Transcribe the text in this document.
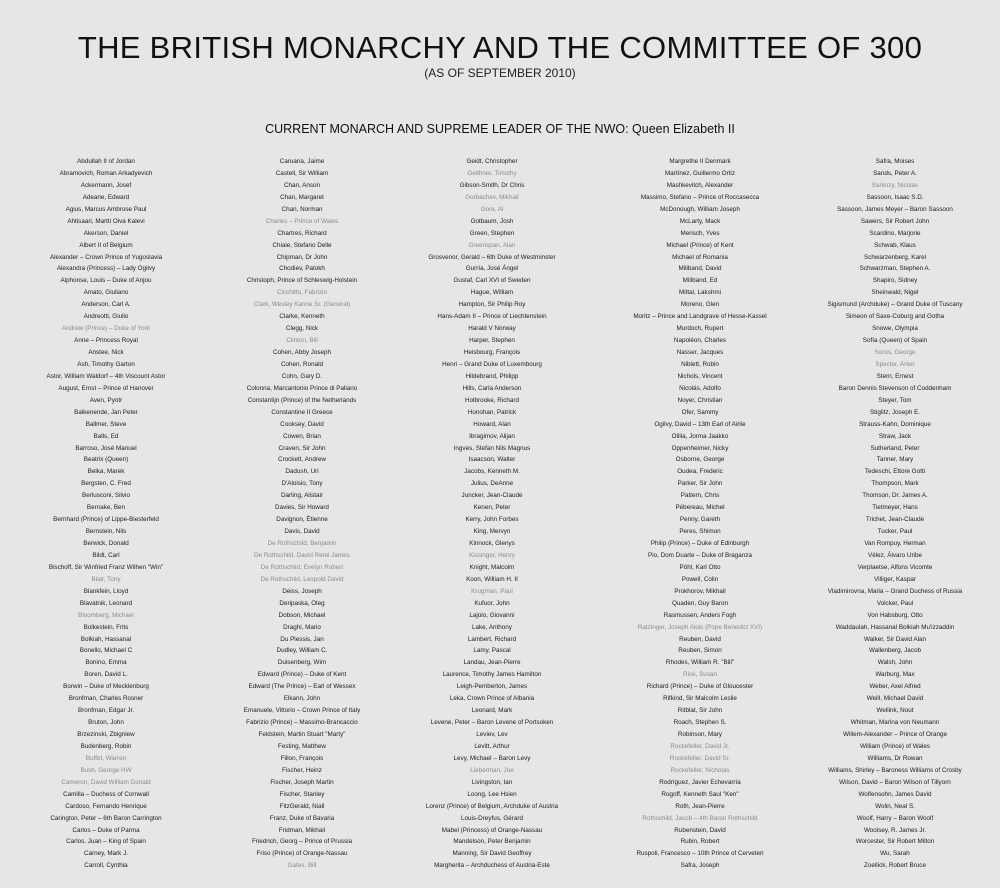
THE BRITISH MONARCHY AND THE COMMITTEE OF 300
(AS OF SEPTEMBER 2010)
CURRENT MONARCH AND SUPREME LEADER OF THE NWO: Queen Elizabeth II
Abdullah II of Jordan
Abramovich, Roman Arkadyevich
Ackermann, Josef
Adeane, Edward
Agius, Marcus Ambrose Paul
Ahtisaari, Martti Oiva Kalevi
Akerson, Daniel
Albert II of Belgium
Alexander – Crown Prince of Yugoslavia
Alexandra (Princess) – Lady Ogilvy
Alphonse, Louis – Duke of Anjou
Amato, Giuliano
Anderson, Carl A.
Andreotti, Giulio
Andrew (Prince) – Duke of York
Anne – Princess Royal
Anstee, Nick
Ash, Timothy Garton
Astor, William Waldorf – 4th Viscount Astor
August, Ernst – Prince of Hanover
Aven, Pyotr
Balkenende, Jan Peter
Ballmer, Steve
Balls, Ed
Barroso, José Manuel
Beatrix (Queen)
Belka, Marek
Bergsten, C. Fred
Berlusconi, Silvio
Bernake, Ben
Bernhard (Prince) of Lippe-Biesterfeld
Bernstein, Nils
Berwick, Donald
Bildt, Carl
Bischoff, Sir Winfried Franz Wilhen "Win"
Blair, Tony
Blankfein, Lloyd
Blavatnik, Leonard
Bloomberg, Michael
Bolkestein, Frits
Bolkiah, Hassanal
Bonello, Michael C
Bonino, Emma
Boren, David L.
Borwin – Duke of Mecklenburg
Bronfman, Charles Rosner
Bronfman, Edgar Jr.
Bruton, John
Brzezinski, Zbigniew
Budenberg, Robin
Buffet, Warren
Bush, George HW
Cameron, David William Donald
Camilla – Duchess of Cornwall
Cardoso, Fernando Henrique
Carington, Peter – 6th Baron Carrington
Carlos – Duke of Parma
Carlos, Juan – King of Spain
Carney, Mark J.
Carroll, Cynthia
Caruana, Jaime
Castell, Sir William
Chan, Anson
Chan, Margaret
Chan, Norman
Charles – Prince of Wales
Chartres, Richard
Chiaie, Stefano Delle
Chipman, Dr John
Chodiev, Patokh
Christoph, Prince of Schleswig-Holstein
Cicchitto, Fabrizio
Clark, Wesley Kanne Sr. (General)
Clarke, Kenneth
Clegg, Nick
Clinton, Bill
Cohen, Abby Joseph
Cohen, Ronald
Cohn, Gary D.
Colonna, Marcantonio Prince di Paliano
Constantijn (Prince) of the Netherlands
Constantine II Greece
Cooksey, David
Cowen, Brian
Craven, Sir John
Crockett, Andrew
Dadush, Uri
D'Aloisio, Tony
Darling, Alistair
Davies, Sir Howard
Davignon, Étienne
Davis, David
De Rothschild, Benjamin
De Rothschild, David René James
De Rothschild, Evelyn Robert
De Rothschild, Leopold David
Deiss, Joseph
Deripaska, Oleg
Dobson, Michael
Draghi, Mario
Du Plessis, Jan
Dudley, William C.
Duisenberg, Wim
Edward (Prince) – Duke of Kent
Edward (The Prince) – Earl of Wessex
Elkann, John
Emanuele, Vittorio – Crown Prince of Italy
Fabrizio (Prince) – Massimo-Brancaccio
Feldstein, Martin Stuart "Marty"
Festing, Matthew
Fillon, François
Fischer, Heinz
Fischer, Joseph Martin
Fischer, Stanley
FitzGerald, Niall
Franz, Duke of Bavaria
Fridman, Mikhail
Friedrich, Georg – Prince of Prussia
Friso (Prince) of Orange-Nassau
Gates, Bill
Geidt, Christopher
Geithner, Timothy
Gibson-Smith, Dr Chris
Gorbachev, Mikhail
Gore, Al
Gotbaum, Josh
Green, Stephen
Greenspan, Alan
Grosvenor, Gerald – 6th Duke of Westminster
Gurría, José Ángel
Gustaf, Carl XVI of Sweden
Hague, William
Hampton, Sir Philip Roy
Hans-Adam II – Prince of Liechtenstein
Harald V Norway
Harper, Stephen
Heisbourg, François
Henri – Grand Duke of Luxembourg
Hildebrand, Philipp
Hills, Carla Anderson
Holbrooke, Richard
Honohan, Patrick
Howard, Alan
Ibragimov, Alijan
Ingves, Stefan Nils Magnus
Isaacson, Walter
Jacobs, Kenneth M.
Julius, DeAnne
Juncker, Jean-Claude
Kenen, Peter
Kerry, John Forbes
King, Mervyn
Kinnock, Glenys
Kissinger, Henry
Knight, Malcolm
Koon, William H. II
Krugman, Paul
Kufuor, John
Lajolo, Giovanni
Lake, Anthony
Lambert, Richard
Lamy, Pascal
Landau, Jean-Pierre
Laurence, Timothy James Hamilton
Leigh-Pemberton, James
Leka, Crown Prince of Albania
Leonard, Mark
Levene, Peter – Baron Levene of Portsoken
Leviev, Lev
Levitt, Arthur
Levy, Michael – Baron Levy
Lieberman, Joe
Livingston, Ian
Loong, Lee Hsien
Lorenz (Prince) of Belgium, Archduke of Austria
Louis-Dreyfus, Gérard
Mabel (Princess) of Orange-Nassau
Mandelson, Peter Benjamin
Manning, Sir David Geoffrey
Margherita – Archduchess of Austria-Este
Margrethe II Denmark
Martínez, Guillermo Ortiz
Mashkevitch, Alexander
Massimo, Stefano – Prince of Roccasecca
McDonough, William Joseph
McLarty, Mack
Mensch, Yves
Michael (Prince) of Kent
Michael of Romania
Miliband, David
Miliband, Ed
Mittal, Lakshmi
Moreno, Glen
Moritz – Prince and Landgrave of Hesse-Kassel
Murdoch, Rupert
Napoléon, Charles
Nasser, Jacques
Niblett, Robin
Nichols, Vincent
Nicolás, Adolfo
Noyer, Christian
Ofer, Sammy
Ogilvy, David – 13th Earl of Airlie
Ollila, Jorma Jaakko
Oppenheimer, Nicky
Osborne, George
Oudea, Frederic
Parker, Sir John
Pattern, Chris
Pébereau, Michel
Penny, Gareth
Peres, Shimon
Philip (Prince) – Duke of Edinburgh
Pio, Dom Duarte – Duke of Braganza
Pöhl, Karl Otto
Powell, Colin
Prokhorov, Mikhail
Quaden, Guy Baron
Rasmussen, Anders Fogh
Ratzinger, Joseph Alois (Pope Benedict XVI)
Reuben, David
Reuben, Simon
Rhodes, William R. "Bill"
Rice, Susan
Richard (Prince) – Duke of Gloucester
Rifkind, Sir Malcolm Leslie
Ritblat, Sir John
Roach, Stephen S.
Robinson, Mary
Rockefeller, David Jr.
Rockefeller, David Sr.
Rockefeller, Nicholas
Rodríguez, Javier Echevarría
Rogoff, Kenneth Saul "Ken"
Roth, Jean-Pierre
Rothschild, Jacob – 4th Baron Rothschild
Rubenstein, David
Rubin, Robert
Ruspoli, Francesco – 10th Prince of Cerveteri
Safra, Joseph
Safra, Moises
Sands, Peter A.
Sarkozy, Nicolas
Sassoon, Isaac S.D.
Sassoon, James Meyer – Baron Sassoon
Sawers, Sir Robert John
Scardino, Marjorie
Schwab, Klaus
Schwarzenberg, Karel
Schwarzman, Stephen A.
Shapiro, Sidney
Sheinwald, Nigel
Sigismund (Archduke) – Grand Duke of Tuscany
Simeon of Saxe-Coburg and Gotha
Snowe, Olympia
Sofía (Queen) of Spain
Soros, George
Specter, Arlen
Stern, Ernest
Baron Dennis Stevenson of Coddenham
Steyer, Tom
Stiglitz, Joseph E.
Strauss-Kahn, Dominique
Straw, Jack
Sutherland, Peter
Tanner, Mary
Tedeschi, Ettore Gotti
Thompson, Mark
Thomson, Dr. James A.
Tietmeyer, Hans
Trichet, Jean-Claude
Tucker, Paul
Van Rompuy, Herman
Vélez, Álvaro Uribe
Verplaetse, Alfons Vicomte
Villiger, Kaspar
Vladimirovna, Maria – Grand Duchess of Russia
Volcker, Paul
Von Habsburg, Otto
Waddaulah, Hassanal Bolkiah Mu'izzaddin
Walker, Sir David Alan
Wallenberg, Jacob
Walsh, John
Warburg, Max
Weber, Axel Alfred
Weill, Michael David
Wellink, Nout
Whitman, Marina von Neumann
Willem-Alexander – Prince of Orange
William (Prince) of Wales
Williams, Dr Rowan
Williams, Shirley – Baroness Williams of Crosby
Wilson, David – Baron Wilson of Tillyorn
Wolfensohn, James David
Wolin, Neal S.
Woolf, Harry – Baron Woolf
Woolsey, R. James Jr.
Worcester, Sir Robert Milton
Wu, Sarah
Zoellick, Robert Bruce
